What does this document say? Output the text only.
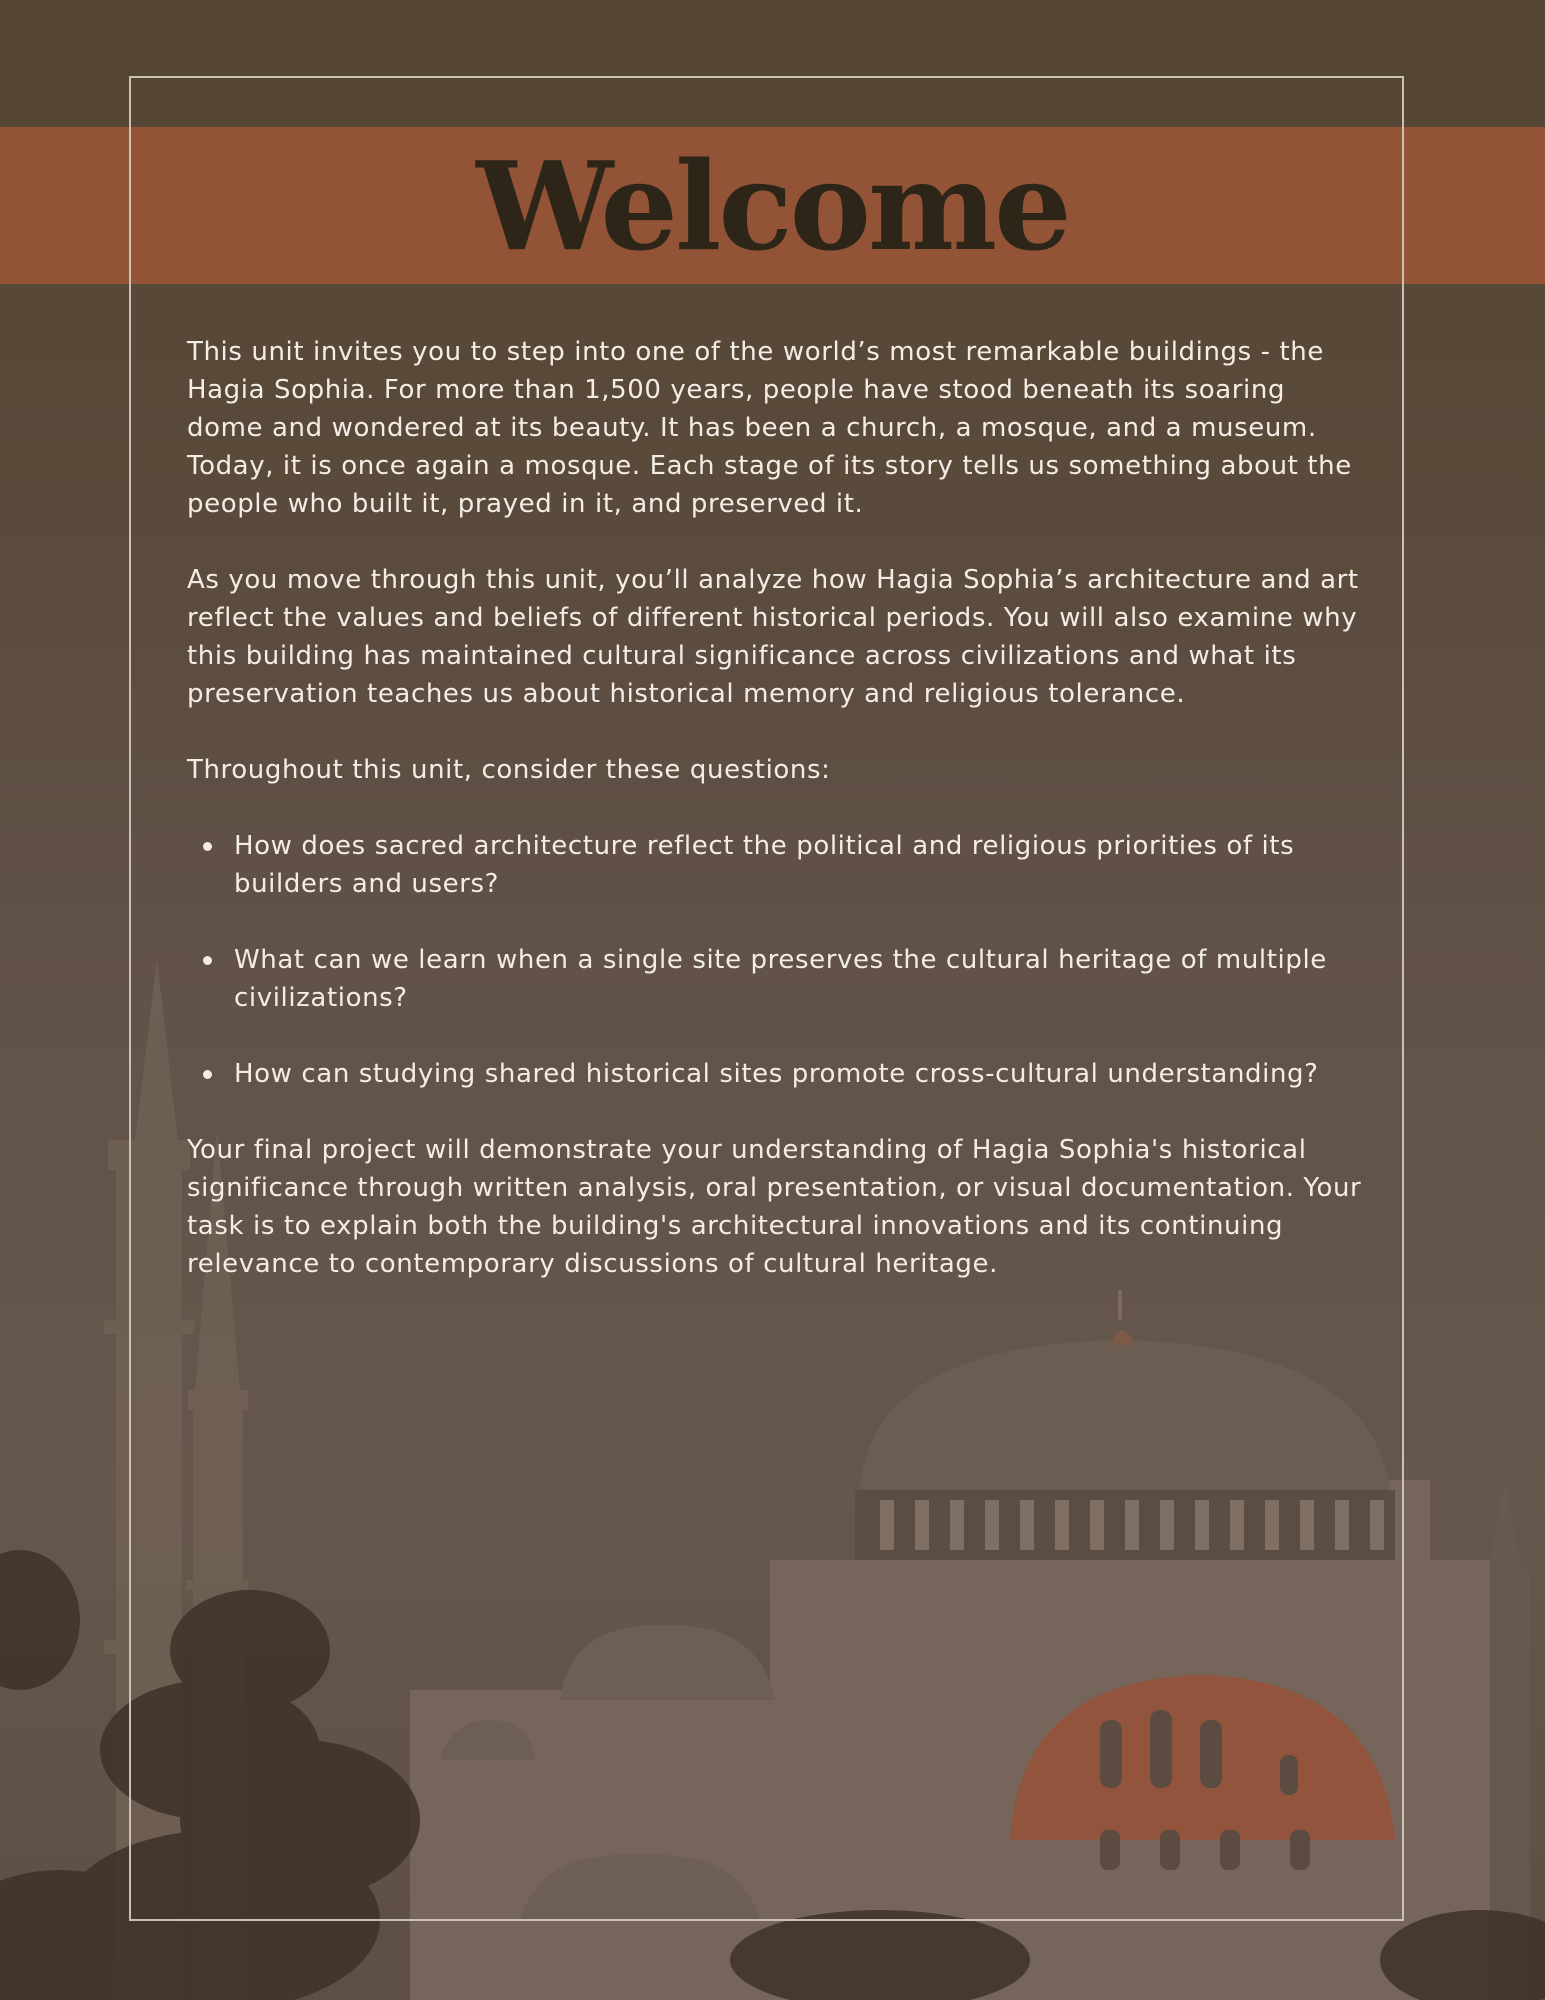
Welcome

This unit invites you to step into one of the world’s most remarkable buildings - the Hagia Sophia. For more than 1,500 years, people have stood beneath its soaring dome and wondered at its beauty. It has been a church, a mosque, and a museum. Today, it is once again a mosque. Each stage of its story tells us something about the people who built it, prayed in it, and preserved it.

As you move through this unit, you’ll analyze how Hagia Sophia’s architecture and art reflect the values and beliefs of different historical periods. You will also examine why this building has maintained cultural significance across civilizations and what its preservation teaches us about historical memory and religious tolerance.

Throughout this unit, consider these questions:

How does sacred architecture reflect the political and religious priorities of its builders and users?
What can we learn when a single site preserves the cultural heritage of multiple civilizations?
How can studying shared historical sites promote cross-cultural understanding?

Your final project will demonstrate your understanding of Hagia Sophia's historical significance through written analysis, oral presentation, or visual documentation. Your task is to explain both the building's architectural innovations and its continuing relevance to contemporary discussions of cultural heritage.
